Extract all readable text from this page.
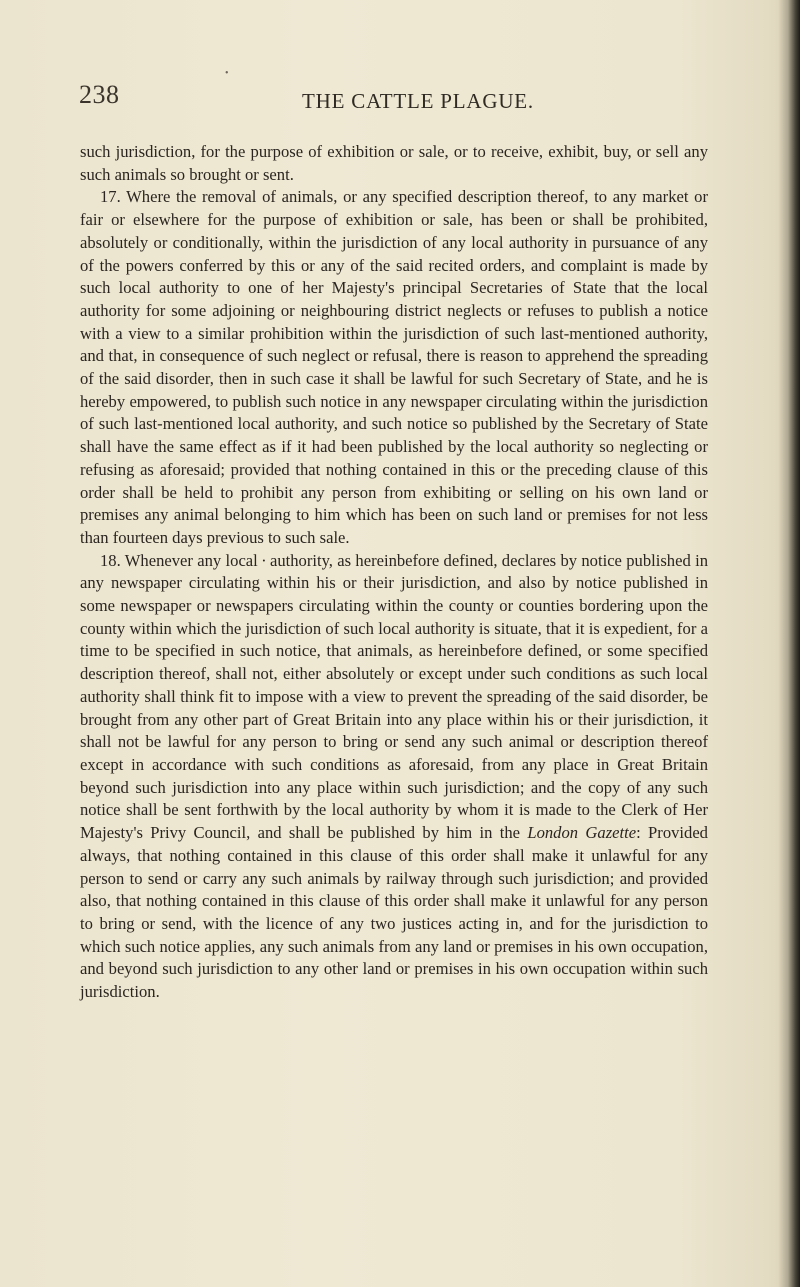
•
238	THE CATTLE PLAGUE.

such jurisdiction, for the purpose of exhibition or sale, or to receive, exhibit, buy, or sell any such animals so brought or sent.

17. Where the removal of animals, or any specified description thereof, to any market or fair or elsewhere for the purpose of exhibition or sale, has been or shall be prohibited, absolutely or conditionally, within the jurisdiction of any local authority in pursuance of any of the powers conferred by this or any of the said recited orders, and complaint is made by such local authority to one of her Majesty's principal Secretaries of State that the local authority for some adjoining or neighbouring district neglects or refuses to publish a notice with a view to a similar prohibition within the jurisdiction of such last-mentioned authority, and that, in consequence of such neglect or refusal, there is reason to apprehend the spreading of the said disorder, then in such case it shall be lawful for such Secretary of State, and he is hereby empowered, to publish such notice in any newspaper circulating within the jurisdiction of such last-mentioned local authority, and such notice so published by the Secretary of State shall have the same effect as if it had been published by the local authority so neglecting or refusing as aforesaid; provided that nothing contained in this or the preceding clause of this order shall be held to prohibit any person from exhibiting or selling on his own land or premises any animal belonging to him which has been on such land or premises for not less than fourteen days previous to such sale.

18. Whenever any local · authority, as hereinbefore defined, declares by notice published in any newspaper circulating within his or their jurisdiction, and also by notice published in some newspaper or newspapers circulating within the county or counties bordering upon the county within which the jurisdiction of such local authority is situate, that it is expedient, for a time to be specified in such notice, that animals, as hereinbefore defined, or some specified description thereof, shall not, either absolutely or except under such conditions as such local authority shall think fit to impose with a view to prevent the spreading of the said disorder, be brought from any other part of Great Britain into any place within his or their jurisdiction, it shall not be lawful for any person to bring or send any such animal or description thereof except in accordance with such conditions as aforesaid, from any place in Great Britain beyond such jurisdiction into any place within such jurisdiction; and the copy of any such notice shall be sent forthwith by the local authority by whom it is made to the Clerk of Her Majesty's Privy Council, and shall be published by him in the London Gazette: Provided always, that nothing contained in this clause of this order shall make it unlawful for any person to send or carry any such animals by railway through such jurisdiction; and provided also, that nothing contained in this clause of this order shall make it unlawful for any person to bring or send, with the licence of any two justices acting in, and for the jurisdiction to which such notice applies, any such animals from any land or premises in his own occupation, and beyond such jurisdiction to any other land or premises in his own occupation within such jurisdiction.
